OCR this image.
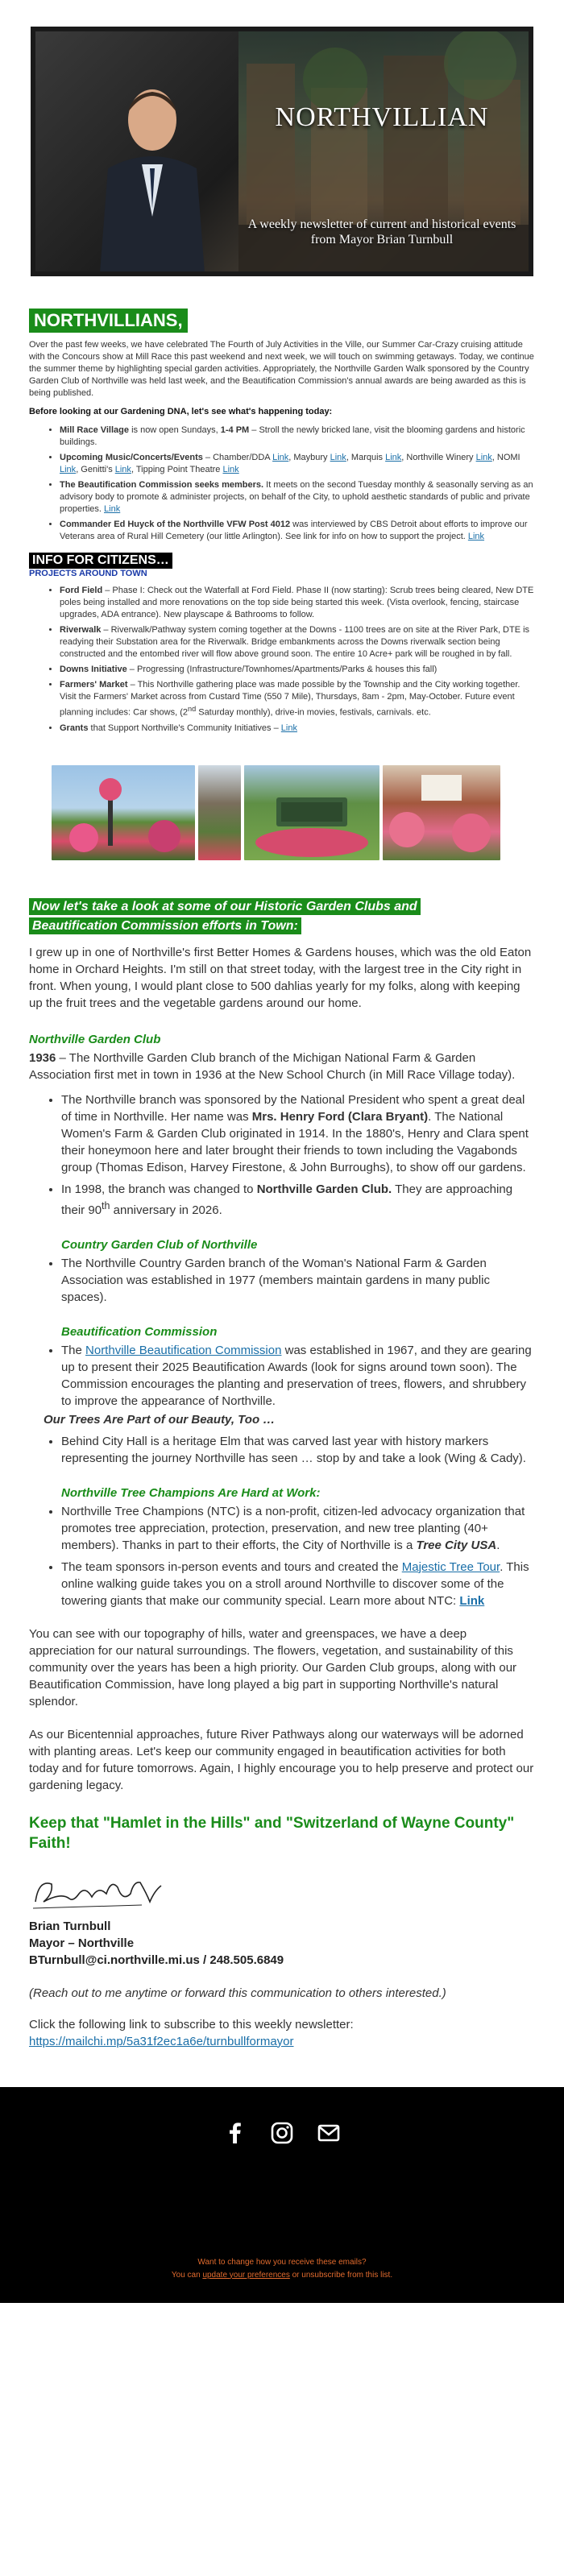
NORTHVILLIAN
A weekly newsletter of current and historical events from Mayor Brian Turnbull
NORTHVILLIANS,

Over the past few weeks, we have celebrated The Fourth of July Activities in the Ville, our Summer Car-Crazy cruising attitude with the Concours show at Mill Race this past weekend and next week, we will touch on swimming getaways. Today, we continue the summer theme by highlighting special garden activities. Appropriately, the Northville Garden Walk sponsored by the Country Garden Club of Northville was held last week, and the Beautification Commission's annual awards are being awarded as this is being published.

Before looking at our Gardening DNA, let's see what's happening today:

• Mill Race Village is now open Sundays, 1-4 PM – Stroll the newly bricked lane, visit the blooming gardens and historic buildings.
• Upcoming Music/Concerts/Events – Chamber/DDA Link, Maybury Link, Marquis Link, Northville Winery Link, NOMI Link, Genitti's Link, Tipping Point Theatre Link
• The Beautification Commission seeks members. It meets on the second Tuesday monthly & seasonally serving as an advisory body to promote & administer projects, on behalf of the City, to uphold aesthetic standards of public and private properties. Link
• Commander Ed Huyck of the Northville VFW Post 4012 was interviewed by CBS Detroit about efforts to improve our Veterans area of Rural Hill Cemetery (our little Arlington). See link for info on how to support the project. Link
INFO FOR CITIZENS…
PROJECTS AROUND TOWN
• Ford Field – Phase I: Check out the Waterfall at Ford Field. Phase II (now starting): Scrub trees being cleared, New DTE poles being installed and more renovations on the top side being started this week. (Vista overlook, fencing, staircase upgrades, ADA entrance). New playscape & Bathrooms to follow.
• Riverwalk – Riverwalk/Pathway system coming together at the Downs - 1100 trees are on site at the River Park, DTE is readying their Substation area for the Riverwalk. Bridge embankments across the Downs riverwalk section being constructed and the entombed river will flow above ground soon. The entire 10 Acre+ park will be roughed in by fall.
• Downs Initiative – Progressing (Infrastructure/Townhomes/Apartments/Parks & houses this fall)
• Farmers' Market – This Northville gathering place was made possible by the Township and the City working together. Visit the Farmers' Market across from Custard Time (550 7 Mile), Thursdays, 8am - 2pm, May-October. Future event planning includes: Car shows, (2nd Saturday monthly), drive-in movies, festivals, carnivals. etc.
• Grants that Support Northville's Community Initiatives – Link
Now let's take a look at some of our Historic Garden Clubs and
Beautification Commission efforts in Town:

I grew up in one of Northville's first Better Homes & Gardens houses, which was the old Eaton home in Orchard Heights. I'm still on that street today, with the largest tree in the City right in front. When young, I would plant close to 500 dahlias yearly for my folks, along with keeping up the fruit trees and the vegetable gardens around our home.

Northville Garden Club

1936 – The Northville Garden Club branch of the Michigan National Farm & Garden Association first met in town in 1936 at the New School Church (in Mill Race Village today).

• The Northville branch was sponsored by the National President who spent a great deal of time in Northville. Her name was Mrs. Henry Ford (Clara Bryant). The National Women's Farm & Garden Club originated in 1914. In the 1880's, Henry and Clara spent their honeymoon here and later brought their friends to town including the Vagabonds group (Thomas Edison, Harvey Firestone, & John Burroughs), to show off our gardens.
• In 1998, the branch was changed to Northville Garden Club. They are approaching their 90th anniversary in 2026.
Country Garden Club of Northville
• The Northville Country Garden branch of the Woman's National Farm & Garden Association was established in 1977 (members maintain gardens in many public spaces).
Beautification Commission
• The Northville Beautification Commission was established in 1967, and they are gearing up to present their 2025 Beautification Awards (look for signs around town soon). The Commission encourages the planting and preservation of trees, flowers, and shrubbery to improve the appearance of Northville.
Our Trees Are Part of our Beauty, Too …
• Behind City Hall is a heritage Elm that was carved last year with history markers representing the journey Northville has seen … stop by and take a look (Wing & Cady).
Northville Tree Champions Are Hard at Work:
• Northville Tree Champions (NTC) is a non-profit, citizen-led advocacy organization that promotes tree appreciation, protection, preservation, and new tree planting (40+ members). Thanks in part to their efforts, the City of Northville is a Tree City USA.
• The team sponsors in-person events and tours and created the Majestic Tree Tour. This online walking guide takes you on a stroll around Northville to discover some of the towering giants that make our community special. Learn more about NTC: Link

You can see with our topography of hills, water and greenspaces, we have a deep appreciation for our natural surroundings. The flowers, vegetation, and sustainability of this community over the years has been a high priority. Our Garden Club groups, along with our Beautification Commission, have long played a big part in supporting Northville's natural splendor.

As our Bicentennial approaches, future River Pathways along our waterways will be adorned with planting areas. Let's keep our community engaged in beautification activities for both today and for future tomorrows. Again, I highly encourage you to help preserve and protect our gardening legacy.

Keep that "Hamlet in the Hills" and "Switzerland of Wayne County" Faith!
Brian Turnbull
Mayor – Northville
BTurnbull@ci.northville.mi.us / 248.505.6849

(Reach out to me anytime or forward this communication to others interested.)

Click the following link to subscribe to this weekly newsletter:

https://mailchi.mp/5a31f2ec1a6e/turnbullformayor
Want to change how you receive these emails?
You can update your preferences or unsubscribe from this list.
